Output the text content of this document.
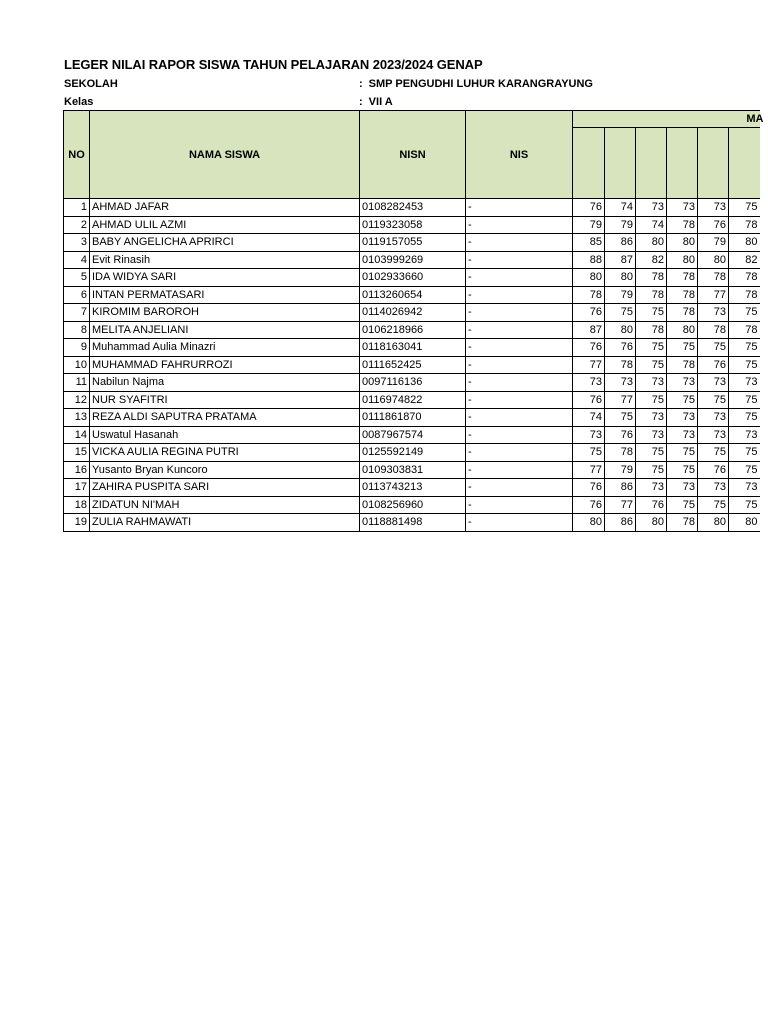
LEGER NILAI RAPOR SISWA TAHUN PELAJARAN 2023/2024 GENAP
SEKOLAH	: SMP PENGUDHI LUHUR KARANGRAYUNG
Kelas	: VII A
NO	NAMA SISWA	NISN	NIS	MA					

1	AHMAD JAFAR	0108282453	-	76	74	73	73	73	75
2	AHMAD ULIL AZMI	0119323058	-	79	79	74	78	76	78
3	BABY ANGELICHA APRIRCI	0119157055	-	85	86	80	80	79	80
4	Evit Rinasih	0103999269	-	88	87	82	80	80	82
5	IDA WIDYA SARI	0102933660	-	80	80	78	78	78	78
6	INTAN PERMATASARI	0113260654	-	78	79	78	78	77	78
7	KIROMIM BAROROH	0114026942	-	76	75	75	78	73	75
8	MELITA ANJELIANI	0106218966	-	87	80	78	80	78	78
9	Muhammad Aulia Minazri	0118163041	-	76	76	75	75	75	75
10	MUHAMMAD FAHRURROZI	0111652425	-	77	78	75	78	76	75
11	Nabilun Najma	0097116136	-	73	73	73	73	73	73
12	NUR SYAFITRI	0116974822	-	76	77	75	75	75	75
13	REZA ALDI SAPUTRA PRATAMA	0111861870	-	74	75	73	73	73	75
14	Uswatul Hasanah	0087967574	-	73	76	73	73	73	73
15	VICKA AULIA REGINA PUTRI	0125592149	-	75	78	75	75	75	75
16	Yusanto Bryan Kuncoro	0109303831	-	77	79	75	75	76	75
17	ZAHIRA PUSPITA SARI	0113743213	-	76	86	73	73	73	73
18	ZIDATUN NI'MAH	0108256960	-	76	77	76	75	75	75
19	ZULIA RAHMAWATI	0118881498	-	80	86	80	78	80	80
